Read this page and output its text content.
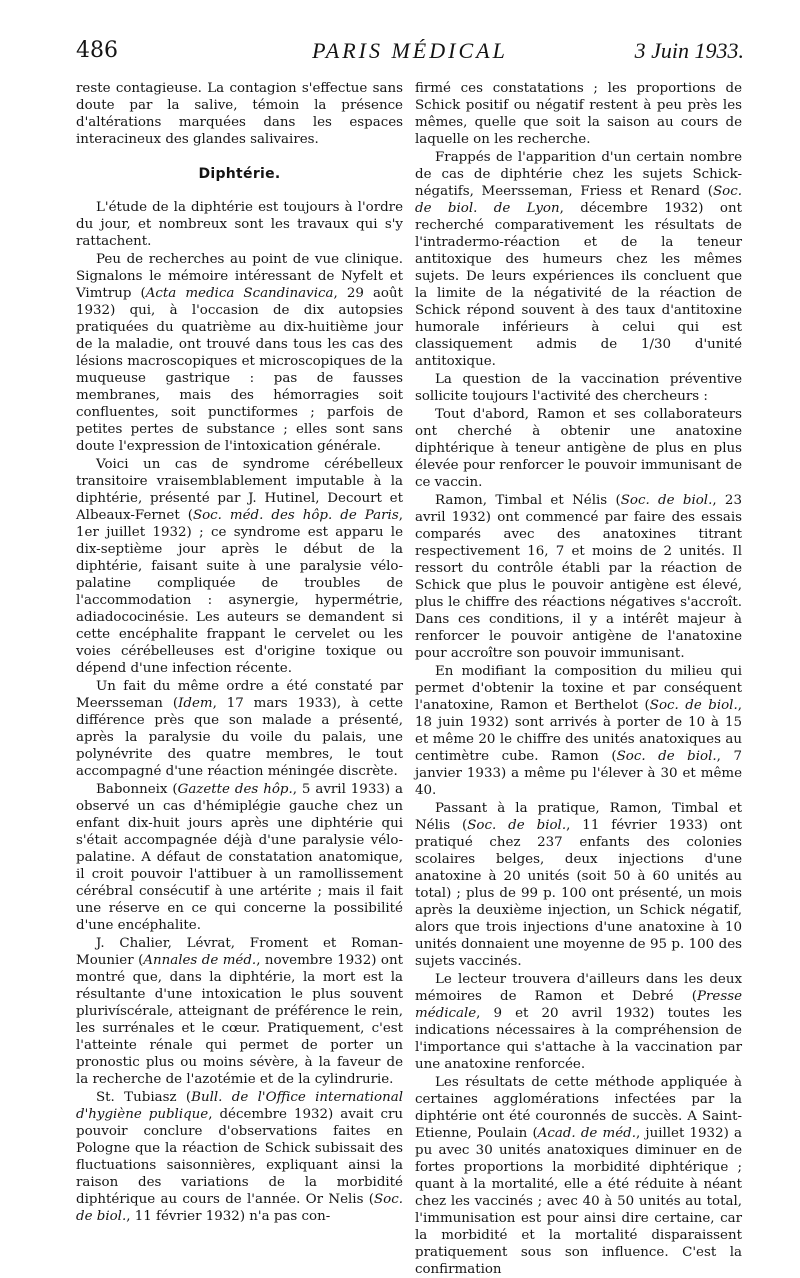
486	PARIS MÉDICAL	3 Juin 1933.

reste contagieuse. La contagion s'effectue sans doute par la salive, témoin la présence d'altérations marquées dans les espaces interacineux des glandes salivaires.

Diphtérie.

L'étude de la diphtérie est toujours à l'ordre du jour, et nombreux sont les travaux qui s'y rattachent.

Peu de recherches au point de vue clinique. Signalons le mémoire intéressant de Nyfelt et Vimtrup (Acta medica Scandinavica, 29 août 1932) qui, à l'occasion de dix autopsies pratiquées du quatrième au dix-huitième jour de la maladie, ont trouvé dans tous les cas des lésions macroscopiques et microscopiques de la muqueuse gastrique : pas de fausses membranes, mais des hémorragies soit confluentes, soit punctiformes ; parfois de petites pertes de substance ; elles sont sans doute l'expression de l'intoxication générale.

Voici un cas de syndrome cérébelleux transitoire vraisemblablement imputable à la diphtérie, présenté par J. Hutinel, Decourt et Albeaux-Fernet (Soc. méd. des hôp. de Paris, 1er juillet 1932) ; ce syndrome est apparu le dix-septième jour après le début de la diphtérie, faisant suite à une paralysie vélo-palatine compliquée de troubles de l'accommodation : asynergie, hypermétrie, adiadococinésie. Les auteurs se demandent si cette encéphalite frappant le cervelet ou les voies cérébelleuses est d'origine toxique ou dépend d'une infection récente.

Un fait du même ordre a été constaté par Meersseman (Idem, 17 mars 1933), à cette différence près que son malade a présenté, après la paralysie du voile du palais, une polynévrite des quatre membres, le tout accompagné d'une réaction méningée discrète.

Babonneix (Gazette des hôp., 5 avril 1933) a observé un cas d'hémiplégie gauche chez un enfant dix-huit jours après une diphtérie qui s'était accompagnée déjà d'une paralysie vélo-palatine. A défaut de constatation anatomique, il croit pouvoir l'attibuer à un ramollissement cérébral consécutif à une artérite ; mais il fait une réserve en ce qui concerne la possibilité d'une encéphalite.

J. Chalier, Lévrat, Froment et Roman-Mounier (Annales de méd., novembre 1932) ont montré que, dans la diphtérie, la mort est la résultante d'une intoxication le plus souvent plurivíscérale, atteignant de préférence le rein, les surrénales et le cœur. Pratiquement, c'est l'atteinte rénale qui permet de porter un pronostic plus ou moins sévère, à la faveur de la recherche de l'azotémie et de la cylindrurie.

St. Tubiasz (Bull. de l'Office international d'hygiène publique, décembre 1932) avait cru pouvoir conclure d'observations faites en Pologne que la réaction de Schick subissait des fluctuations saisonnières, expliquant ainsi la raison des variations de la morbidité diphtérique au cours de l'année. Or Nelis (Soc. de biol., 11 février 1932) n'a pas con-

firmé ces constatations ; les proportions de Schick positif ou négatif restent à peu près les mêmes, quelle que soit la saison au cours de laquelle on les recherche.

Frappés de l'apparition d'un certain nombre de cas de diphtérie chez les sujets Schick-négatifs, Meersseman, Friess et Renard (Soc. de biol. de Lyon, décembre 1932) ont recherché comparativement les résultats de l'intradermo-réaction et de la teneur antitoxique des humeurs chez les mêmes sujets. De leurs expériences ils concluent que la limite de la négativité de la réaction de Schick répond souvent à des taux d'antitoxine humorale inférieurs à celui qui est classiquement admis de 1/30 d'unité antitoxique.

La question de la vaccination préventive sollicite toujours l'activité des chercheurs :

Tout d'abord, Ramon et ses collaborateurs ont cherché à obtenir une anatoxine diphtérique à teneur antigène de plus en plus élevée pour renforcer le pouvoir immunisant de ce vaccin.

Ramon, Timbal et Nélis (Soc. de biol., 23 avril 1932) ont commencé par faire des essais comparés avec des anatoxines titrant respectivement 16, 7 et moins de 2 unités. Il ressort du contrôle établi par la réaction de Schick que plus le pouvoir antigène est élevé, plus le chiffre des réactions négatives s'accroît. Dans ces conditions, il y a intérêt majeur à renforcer le pouvoir antigène de l'anatoxine pour accroître son pouvoir immunisant.

En modifiant la composition du milieu qui permet d'obtenir la toxine et par conséquent l'anatoxine, Ramon et Berthelot (Soc. de biol., 18 juin 1932) sont arrivés à porter de 10 à 15 et même 20 le chiffre des unités anatoxiques au centimètre cube. Ramon (Soc. de biol., 7 janvier 1933) a même pu l'élever à 30 et même 40.

Passant à la pratique, Ramon, Timbal et Nélis (Soc. de biol., 11 février 1933) ont pratiqué chez 237 enfants des colonies scolaires belges, deux injections d'une anatoxine à 20 unités (soit 50 à 60 unités au total) ; plus de 99 p. 100 ont présenté, un mois après la deuxième injection, un Schick négatif, alors que trois injections d'une anatoxine à 10 unités donnaient une moyenne de 95 p. 100 des sujets vaccinés.

Le lecteur trouvera d'ailleurs dans les deux mémoires de Ramon et Debré (Presse médicale, 9 et 20 avril 1932) toutes les indications nécessaires à la compréhension de l'importance qui s'attache à la vaccination par une anatoxine renforcée.

Les résultats de cette méthode appliquée à certaines agglomérations infectées par la diphtérie ont été couronnés de succès. A Saint-Etienne, Poulain (Acad. de méd., juillet 1932) a pu avec 30 unités anatoxiques diminuer en de fortes proportions la morbidité diphtérique ; quant à la mortalité, elle a été réduite à néant chez les vaccinés ; avec 40 à 50 unités au total, l'immunisation est pour ainsi dire certaine, car la morbidité et la mortalité disparaissent pratiquement sous son influence. C'est la confirmation
